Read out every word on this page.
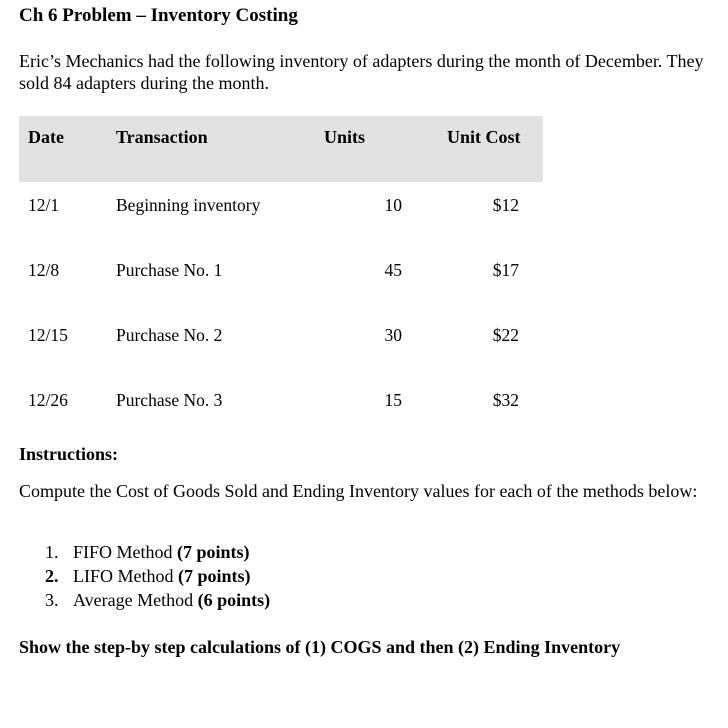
Ch 6 Problem – Inventory Costing
Eric’s Mechanics had the following inventory of adapters during the month of December. They sold 84 adapters during the month.
Date	Transaction	Units	Unit Cost
12/1	Beginning inventory	10	$12
12/8	Purchase No. 1	45	$17
12/15	Purchase No. 2	30	$22
12/26	Purchase No. 3	15	$32
Instructions:
Compute the Cost of Goods Sold and Ending Inventory values for each of the methods below:
1. FIFO Method (7 points)
2. LIFO Method (7 points)
3. Average Method (6 points)
Show the step-by step calculations of (1) COGS and then (2) Ending Inventory
